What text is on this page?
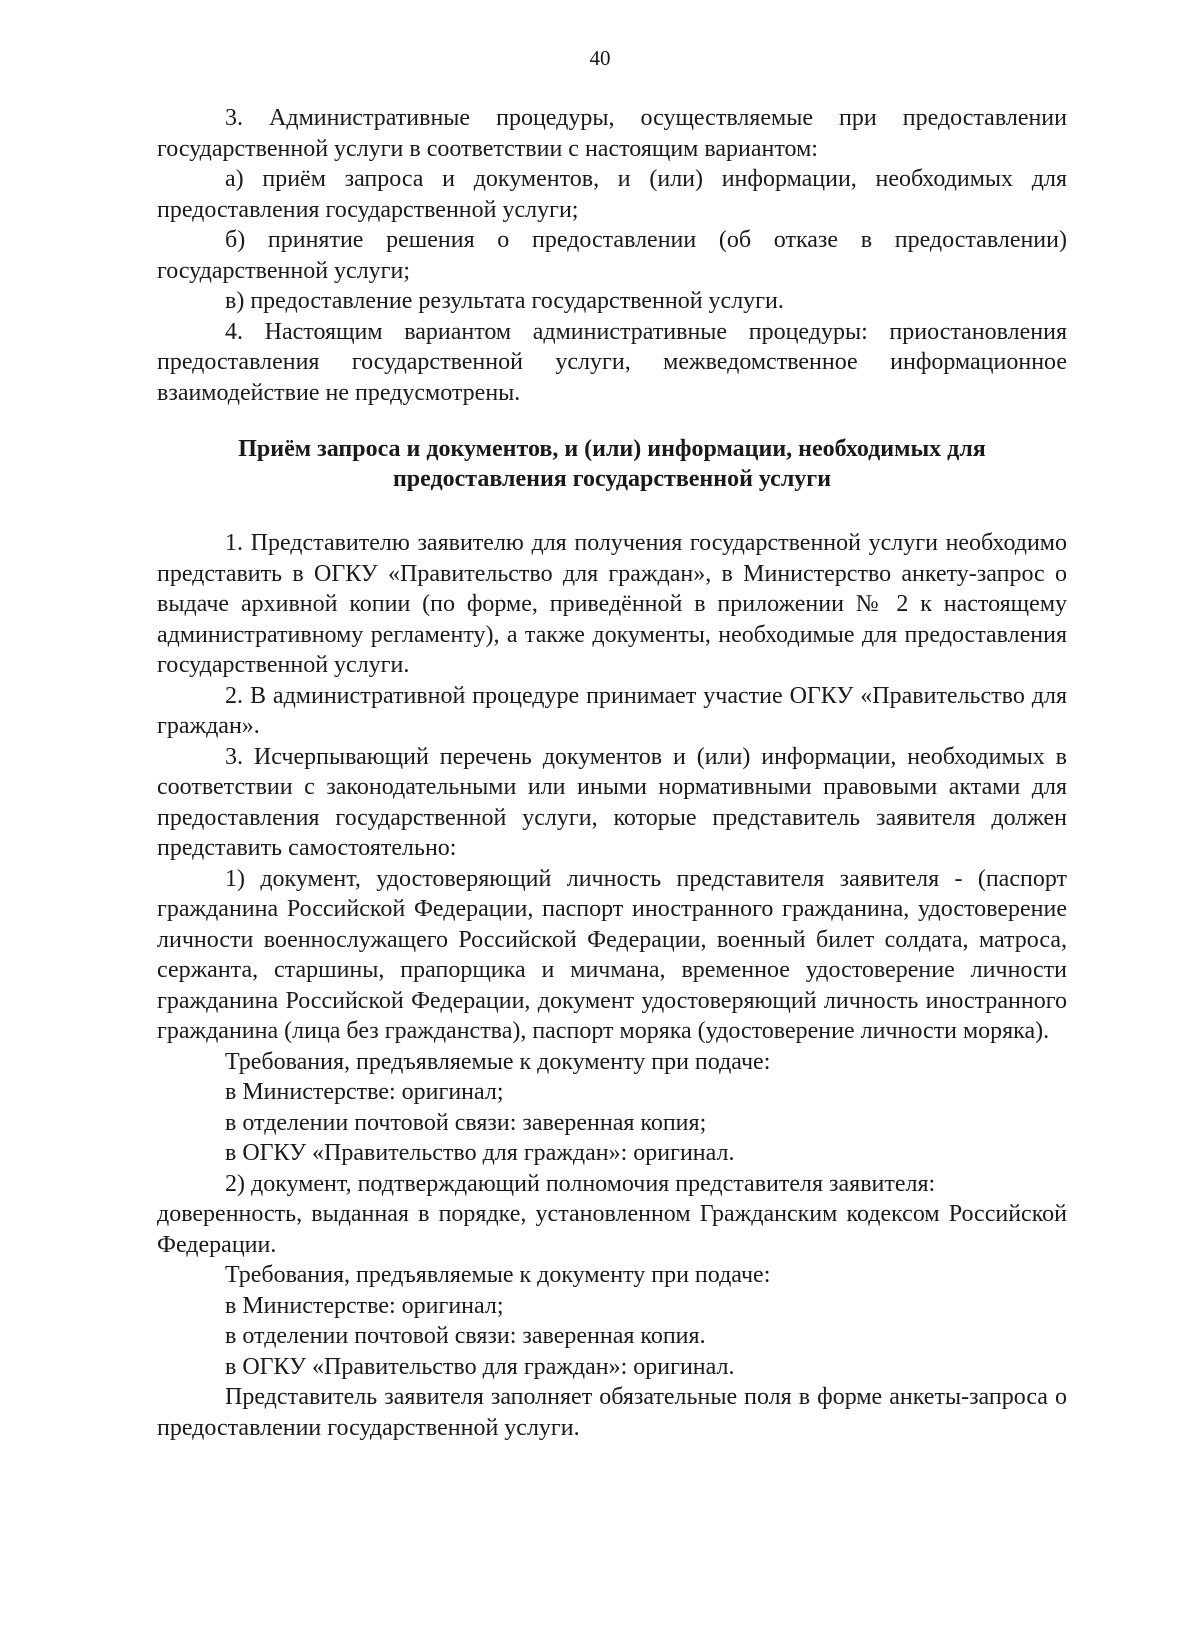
40

3. Административные процедуры, осуществляемые при предоставлении государственной услуги в соответствии с настоящим вариантом:

а) приём запроса и документов, и (или) информации, необходимых для предоставления государственной услуги;

б) принятие решения о предоставлении (об отказе в предоставлении) государственной услуги;

в) предоставление результата государственной услуги.

4. Настоящим вариантом административные процедуры: приостановления предоставления государственной услуги, межведомственное информационное взаимодействие не предусмотрены.

Приём запроса и документов, и (или) информации, необходимых для
предоставления государственной услуги

1. Представителю заявителю для получения государственной услуги необходимо представить в ОГКУ «Правительство для граждан», в Министерство анкету-запрос о выдаче архивной копии (по форме, приведённой в приложении № 2 к настоящему административному регламенту), а также документы, необходимые для предоставления государственной услуги.

2. В административной процедуре принимает участие ОГКУ «Правительство для граждан».

3. Исчерпывающий перечень документов и (или) информации, необходимых в соответствии с законодательными или иными нормативными правовыми актами для предоставления государственной услуги, которые представитель заявителя должен представить самостоятельно:

1) документ, удостоверяющий личность представителя заявителя - (паспорт гражданина Российской Федерации, паспорт иностранного гражданина, удостоверение личности военнослужащего Российской Федерации, военный билет солдата, матроса, сержанта, старшины, прапорщика и мичмана, временное удостоверение личности гражданина Российской Федерации, документ удостоверяющий личность иностранного гражданина (лица без гражданства), паспорт моряка (удостоверение личности моряка).

Требования, предъявляемые к документу при подаче:

в Министерстве: оригинал;

в отделении почтовой связи: заверенная копия;

в ОГКУ «Правительство для граждан»: оригинал.

2) документ, подтверждающий полномочия представителя заявителя:

доверенность, выданная в порядке, установленном Гражданским кодексом Российской Федерации.

Требования, предъявляемые к документу при подаче:

в Министерстве: оригинал;

в отделении почтовой связи: заверенная копия.

в ОГКУ «Правительство для граждан»: оригинал.

Представитель заявителя заполняет обязательные поля в форме анкеты-запроса о предоставлении государственной услуги.
